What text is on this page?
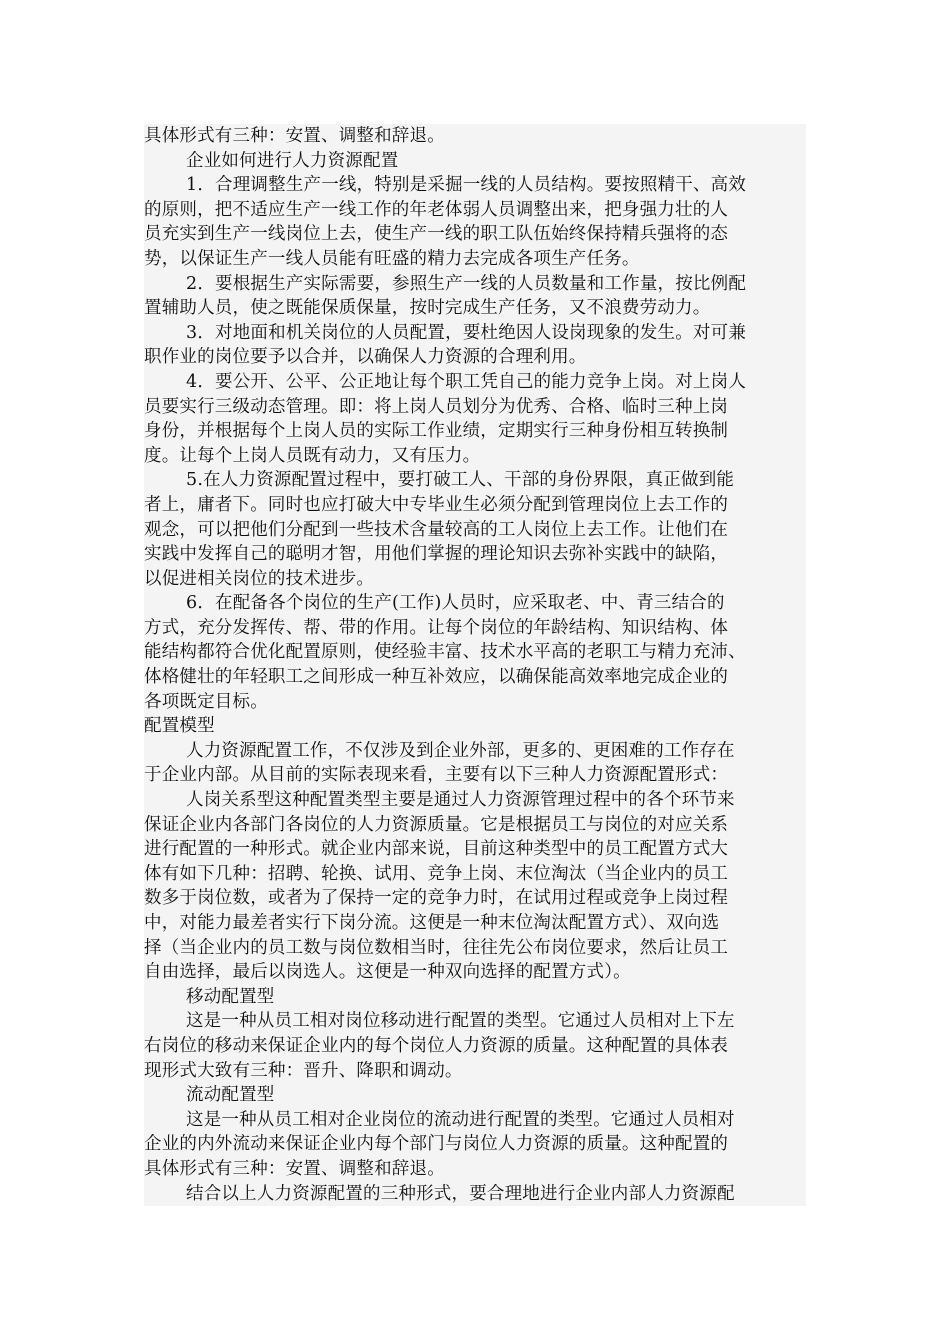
具体形式有三种：安置、调整和辞退。
企业如何进行人力资源配置
1．合理调整生产一线，特别是采掘一线的人员结构。要按照精干、高效
的原则，把不适应生产一线工作的年老体弱人员调整出来，把身强力壮的人
员充实到生产一线岗位上去，使生产一线的职工队伍始终保持精兵强将的态
势，以保证生产一线人员能有旺盛的精力去完成各项生产任务。
2．要根据生产实际需要，参照生产一线的人员数量和工作量，按比例配
置辅助人员，使之既能保质保量，按时完成生产任务，又不浪费劳动力。
3．对地面和机关岗位的人员配置，要杜绝因人设岗现象的发生。对可兼
职作业的岗位要予以合并，以确保人力资源的合理利用。
4．要公开、公平、公正地让每个职工凭自己的能力竞争上岗。对上岗人
员要实行三级动态管理。即：将上岗人员划分为优秀、合格、临时三种上岗
身份，并根据每个上岗人员的实际工作业绩，定期实行三种身份相互转换制
度。让每个上岗人员既有动力，又有压力。
5.在人力资源配置过程中，要打破工人、干部的身份界限，真正做到能
者上，庸者下。同时也应打破大中专毕业生必须分配到管理岗位上去工作的
观念，可以把他们分配到一些技术含量较高的工人岗位上去工作。让他们在
实践中发挥自己的聪明才智，用他们掌握的理论知识去弥补实践中的缺陷，
以促进相关岗位的技术进步。
6．在配备各个岗位的生产(工作)人员时，应采取老、中、青三结合的
方式，充分发挥传、帮、带的作用。让每个岗位的年龄结构、知识结构、体
能结构都符合优化配置原则，使经验丰富、技术水平高的老职工与精力充沛、
体格健壮的年轻职工之间形成一种互补效应，以确保能高效率地完成企业的
各项既定目标。
配置模型
人力资源配置工作，不仅涉及到企业外部，更多的、更困难的工作存在
于企业内部。从目前的实际表现来看，主要有以下三种人力资源配置形式：
人岗关系型这种配置类型主要是通过人力资源管理过程中的各个环节来
保证企业内各部门各岗位的人力资源质量。它是根据员工与岗位的对应关系
进行配置的一种形式。就企业内部来说，目前这种类型中的员工配置方式大
体有如下几种：招聘、轮换、试用、竞争上岗、末位淘汰（当企业内的员工
数多于岗位数，或者为了保持一定的竞争力时，在试用过程或竞争上岗过程
中，对能力最差者实行下岗分流。这便是一种末位淘汰配置方式）、双向选
择（当企业内的员工数与岗位数相当时，往往先公布岗位要求，然后让员工
自由选择，最后以岗选人。这便是一种双向选择的配置方式）。
移动配置型
这是一种从员工相对岗位移动进行配置的类型。它通过人员相对上下左
右岗位的移动来保证企业内的每个岗位人力资源的质量。这种配置的具体表
现形式大致有三种：晋升、降职和调动。
流动配置型
这是一种从员工相对企业岗位的流动进行配置的类型。它通过人员相对
企业的内外流动来保证企业内每个部门与岗位人力资源的质量。这种配置的
具体形式有三种：安置、调整和辞退。
结合以上人力资源配置的三种形式，要合理地进行企业内部人力资源配
